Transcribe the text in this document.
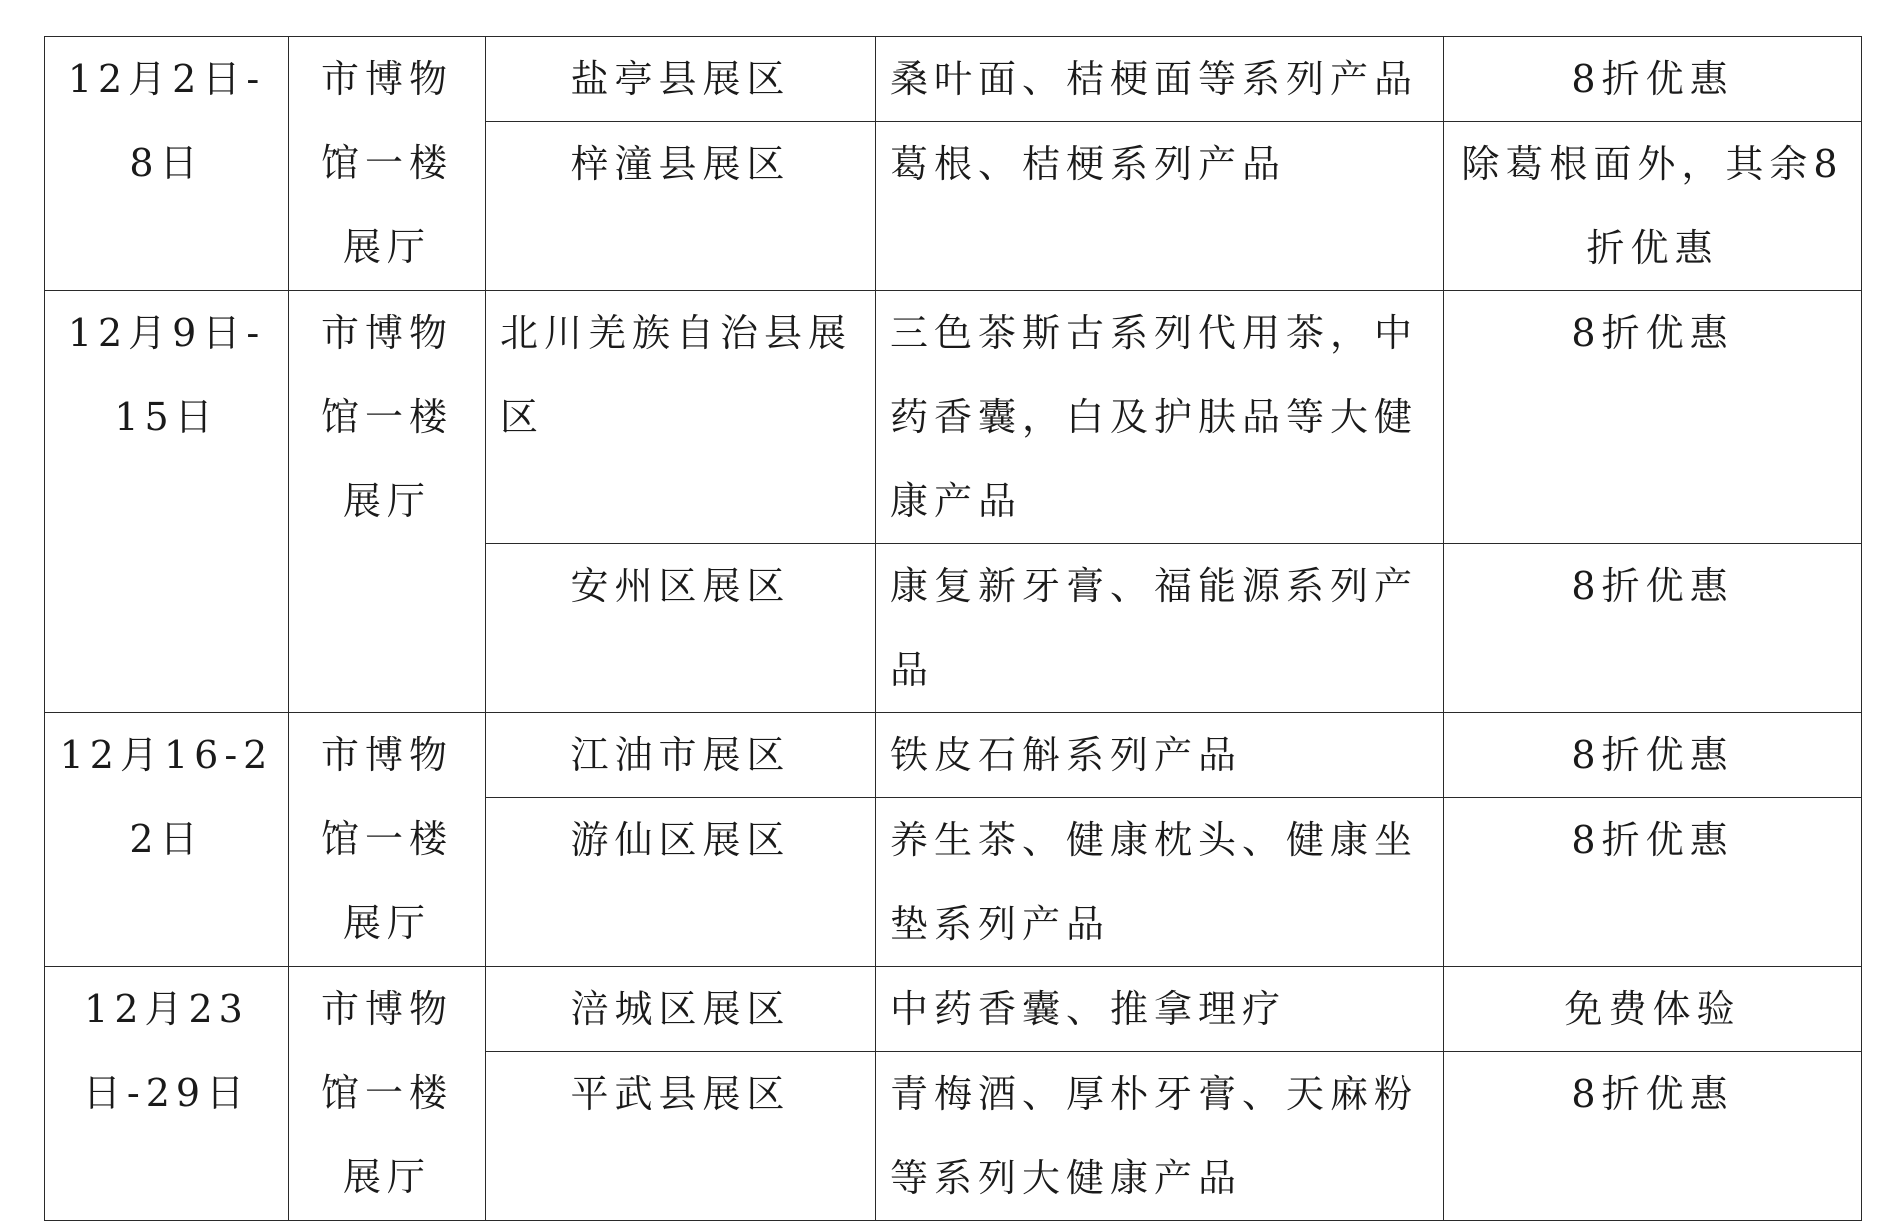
12月2日-8日	市博物馆一楼展厅	盐亭县展区	桑叶面、桔梗面等系列产品	8折优惠
		梓潼县展区	葛根、桔梗系列产品	除葛根面外，其余8折优惠
12月9日-15日	市博物馆一楼展厅	北川羌族自治县展区	三色茶斯古系列代用茶，中药香囊，白及护肤品等大健康产品	8折优惠
		安州区展区	康复新牙膏、福能源系列产品	8折优惠
12月16-22日	市博物馆一楼展厅	江油市展区	铁皮石斛系列产品	8折优惠
		游仙区展区	养生茶、健康枕头、健康坐垫系列产品	8折优惠
12月23日-29日	市博物馆一楼展厅	涪城区展区	中药香囊、推拿理疗	免费体验
		平武县展区	青梅酒、厚朴牙膏、天麻粉等系列大健康产品	8折优惠
